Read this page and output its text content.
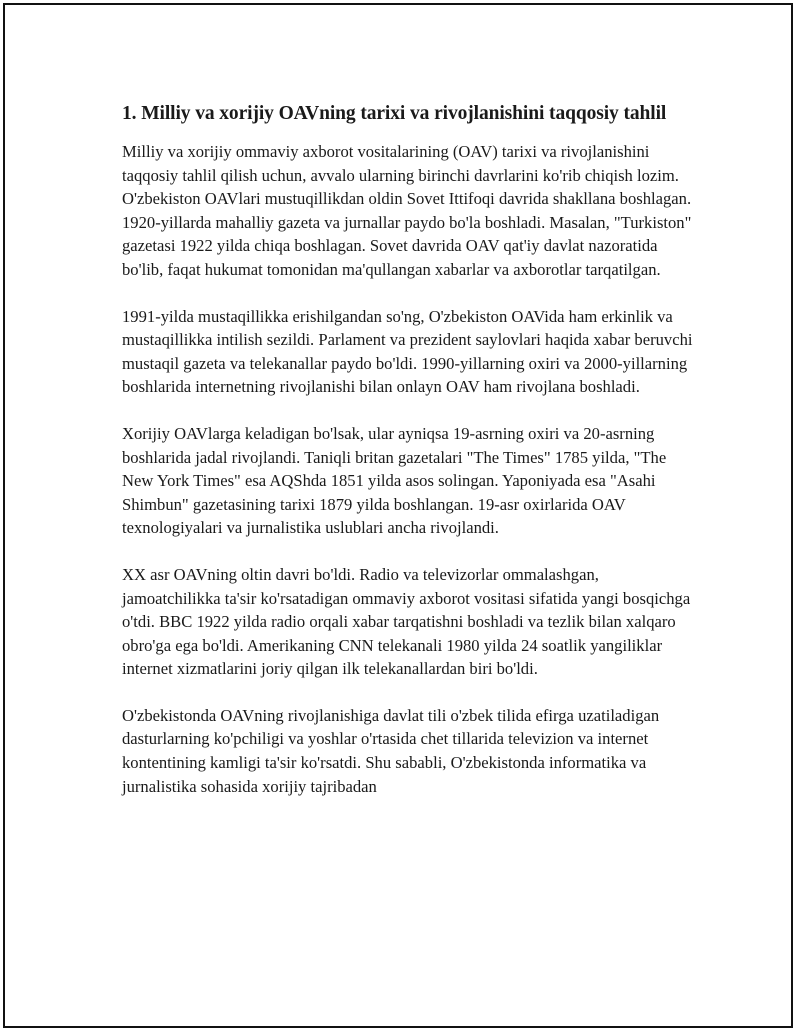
1. Milliy va xorijiy OAVning tarixi va rivojlanishini taqqosiy tahlil

Milliy va xorijiy ommaviy axborot vositalarining (OAV) tarixi va rivojlanishini taqqosiy tahlil qilish uchun, avvalo ularning birinchi davrlarini ko'rib chiqish lozim. O'zbekiston OAVlari mustuqillikdan oldin Sovet Ittifoqi davrida shakllana boshlagan. 1920-yillarda mahalliy gazeta va jurnallar paydo bo'la boshladi. Masalan, "Turkiston" gazetasi 1922 yilda chiqa boshlagan. Sovet davrida OAV qat'iy davlat nazoratida bo'lib, faqat hukumat tomonidan ma'qullangan xabarlar va axborotlar tarqatilgan.

1991-yilda mustaqillikka erishilgandan so'ng, O'zbekiston OAVida ham erkinlik va mustaqillikka intilish sezildi. Parlament va prezident saylovlari haqida xabar beruvchi mustaqil gazeta va telekanallar paydo bo'ldi. 1990-yillarning oxiri va 2000-yillarning boshlarida internetning rivojlanishi bilan onlayn OAV ham rivojlana boshladi.

Xorijiy OAVlarga keladigan bo'lsak, ular ayniqsa 19-asrning oxiri va 20-asrning boshlarida jadal rivojlandi. Taniqli britan gazetalari "The Times" 1785 yilda, "The New York Times" esa AQShda 1851 yilda asos solingan. Yaponiyada esa "Asahi Shimbun" gazetasining tarixi 1879 yilda boshlangan. 19-asr oxirlarida OAV texnologiyalari va jurnalistika uslublari ancha rivojlandi.

XX asr OAVning oltin davri bo'ldi. Radio va televizorlar ommalashgan, jamoatchilikka ta'sir ko'rsatadigan ommaviy axborot vositasi sifatida yangi bosqichga o'tdi. BBC 1922 yilda radio orqali xabar tarqatishni boshladi va tezlik bilan xalqaro obro'ga ega bo'ldi. Amerikaning CNN telekanali 1980 yilda 24 soatlik yangiliklar internet xizmatlarini joriy qilgan ilk telekanallardan biri bo'ldi.

O'zbekistonda OAVning rivojlanishiga davlat tili o'zbek tilida efirga uzatiladigan dasturlarning ko'pchiligi va yoshlar o'rtasida chet tillarida televizion va internet kontentining kamligi ta'sir ko'rsatdi. Shu sababli, O'zbekistonda informatika va jurnalistika sohasida xorijiy tajribadan
